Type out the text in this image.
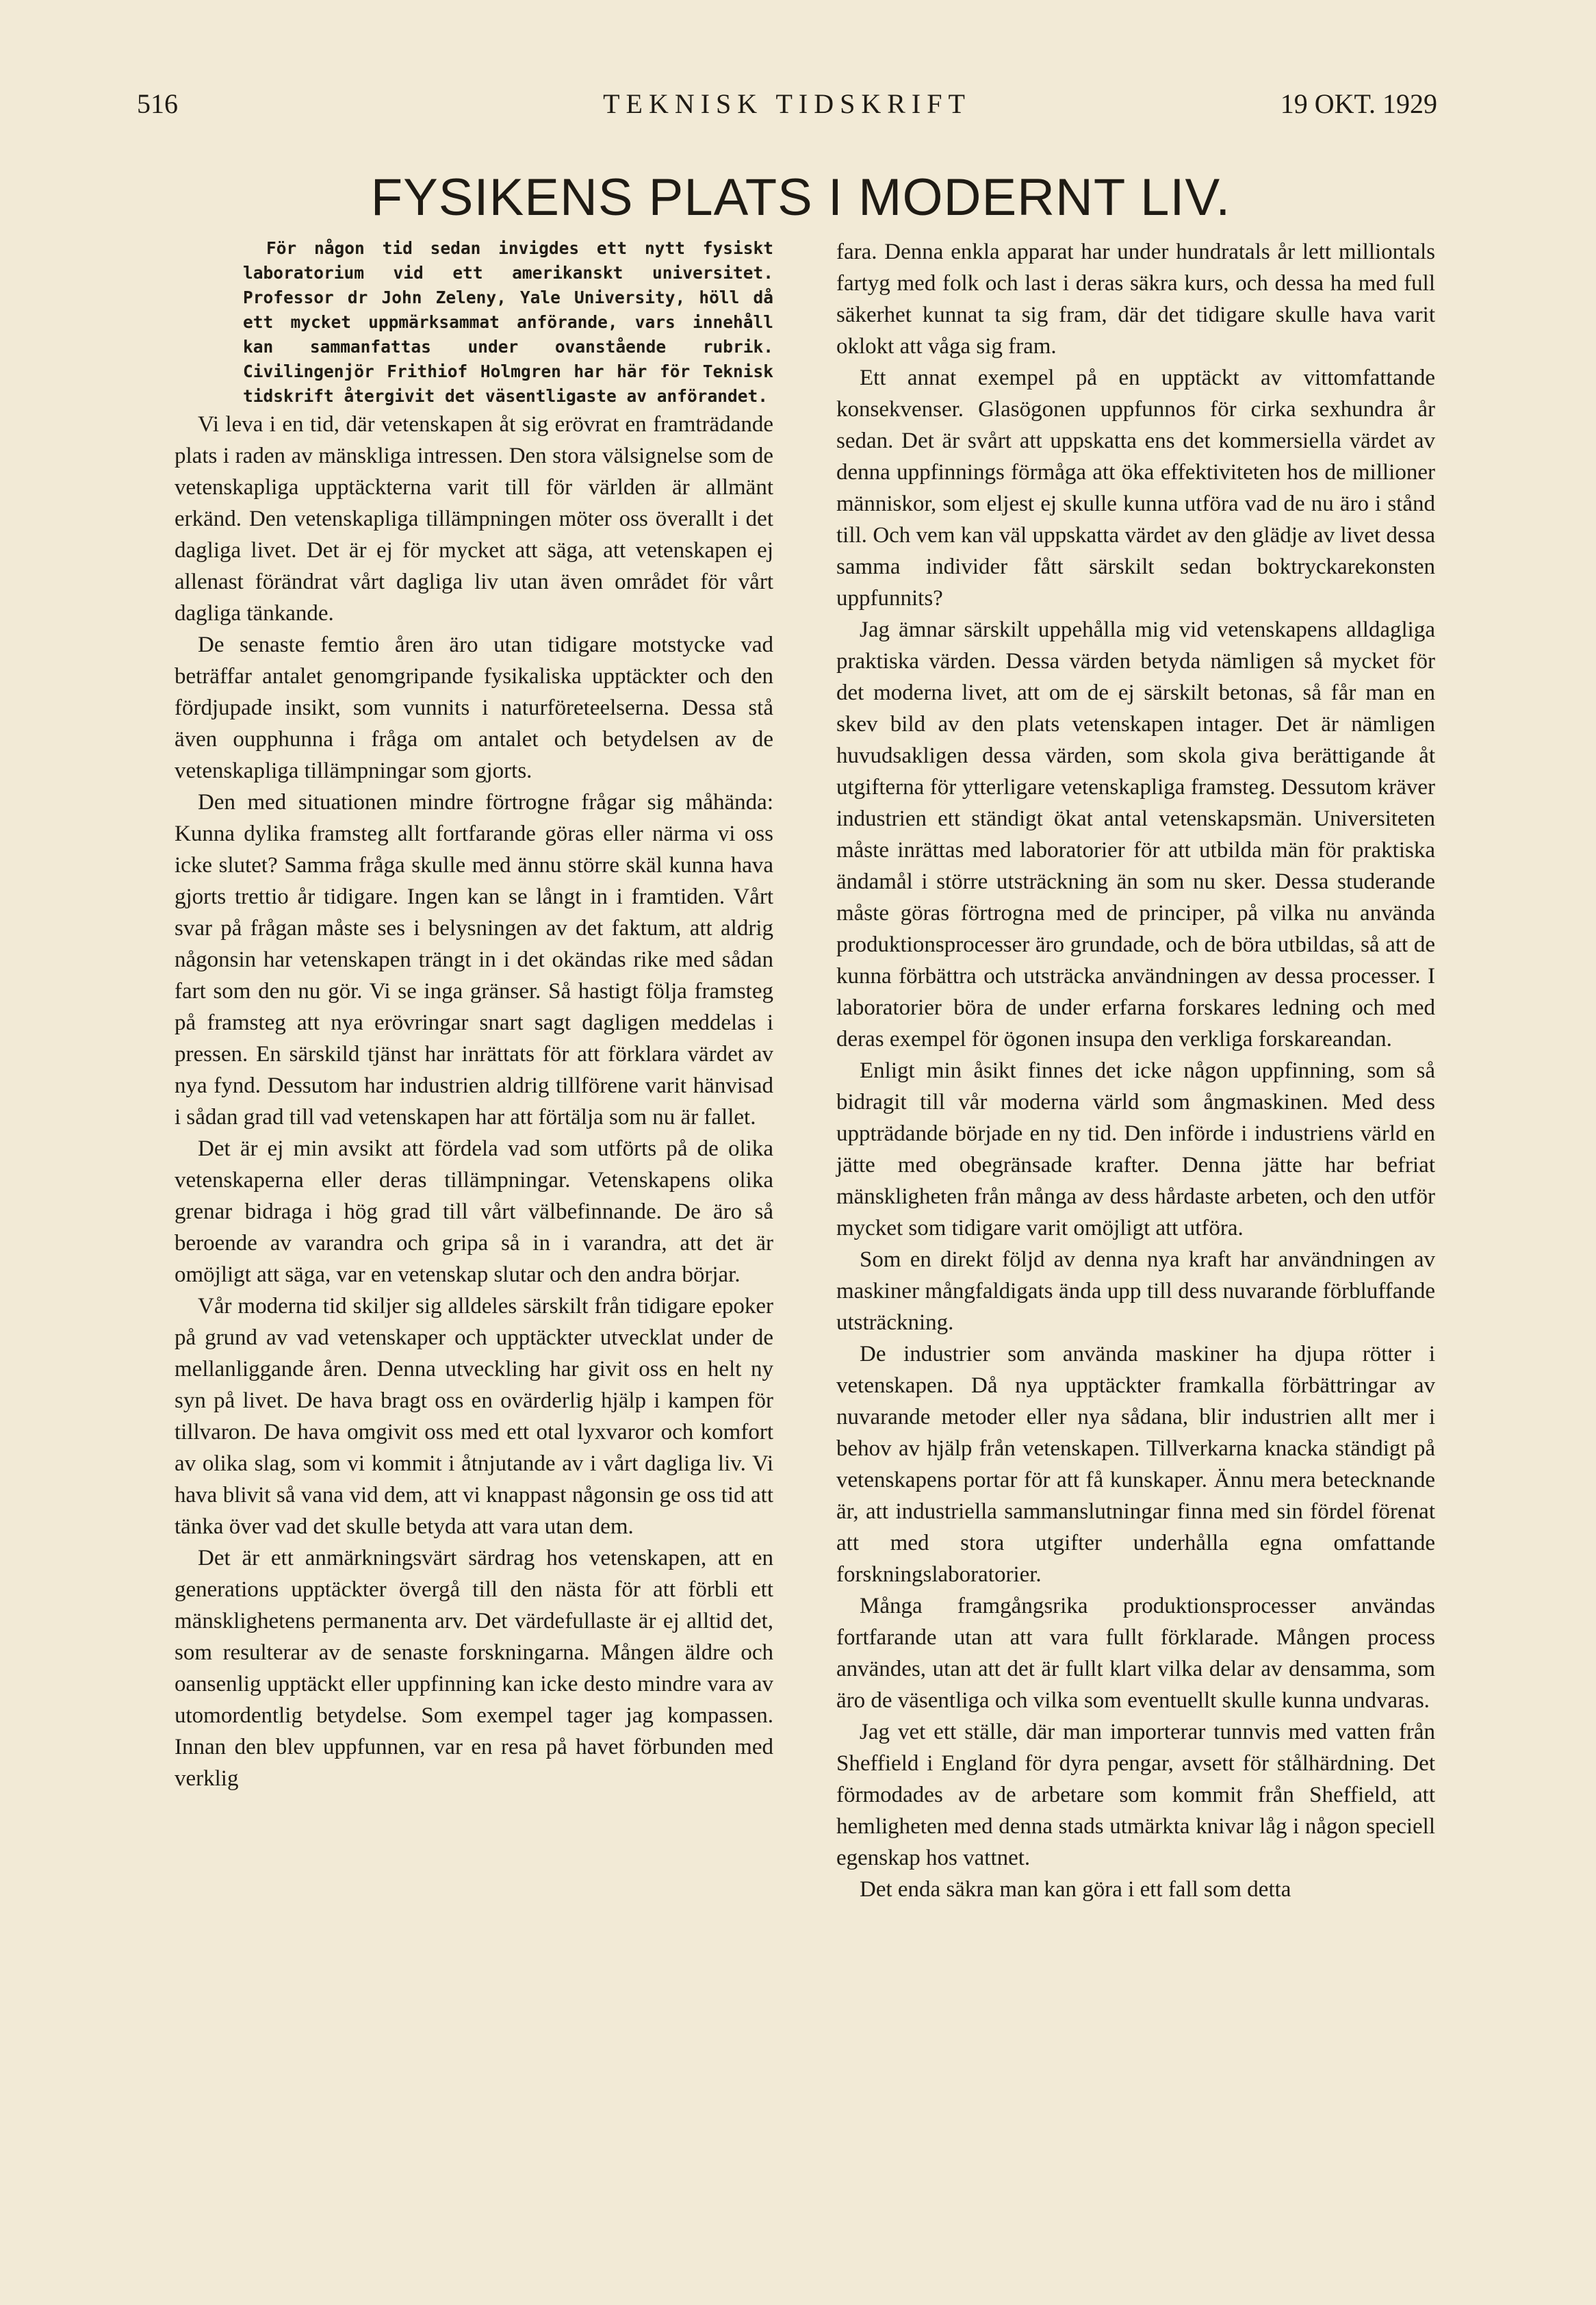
516	TEKNISK TIDSKRIFT	19 OKT. 1929
FYSIKENS PLATS I MODERNT LIV.

För någon tid sedan invigdes ett nytt fysiskt laboratorium vid ett amerikanskt universitet. Professor dr John Zeleny, Yale University, höll då ett mycket uppmärksammat anförande, vars innehåll kan sammanfattas under ovanstående rubrik. Civilingenjör Frithiof Holmgren har här för Teknisk tidskrift återgivit det väsentligaste av anförandet.

Vi leva i en tid, där vetenskapen åt sig erövrat en framträdande plats i raden av mänskliga intressen. Den stora välsignelse som de vetenskapliga upptäckterna varit till för världen är allmänt erkänd. Den vetenskapliga tillämpningen möter oss överallt i det dagliga livet. Det är ej för mycket att säga, att vetenskapen ej allenast förändrat vårt dagliga liv utan även området för vårt dagliga tänkande.

De senaste femtio åren äro utan tidigare motstycke vad beträffar antalet genomgripande fysikaliska upptäckter och den fördjupade insikt, som vunnits i naturföreteelserna. Dessa stå även oupphunna i fråga om antalet och betydelsen av de vetenskapliga tillämpningar som gjorts.

Den med situationen mindre förtrogne frågar sig måhända: Kunna dylika framsteg allt fortfarande göras eller närma vi oss icke slutet? Samma fråga skulle med ännu större skäl kunna hava gjorts trettio år tidigare. Ingen kan se långt in i framtiden. Vårt svar på frågan måste ses i belysningen av det faktum, att aldrig någonsin har vetenskapen trängt in i det okändas rike med sådan fart som den nu gör. Vi se inga gränser. Så hastigt följa framsteg på framsteg att nya erövringar snart sagt dagligen meddelas i pressen. En särskild tjänst har inrättats för att förklara värdet av nya fynd. Dessutom har industrien aldrig tillförene varit hänvisad i sådan grad till vad vetenskapen har att förtälja som nu är fallet.

Det är ej min avsikt att fördela vad som utförts på de olika vetenskaperna eller deras tillämpningar. Vetenskapens olika grenar bidraga i hög grad till vårt välbefinnande. De äro så beroende av varandra och gripa så in i varandra, att det är omöjligt att säga, var en vetenskap slutar och den andra börjar.

Vår moderna tid skiljer sig alldeles särskilt från tidigare epoker på grund av vad vetenskaper och upptäckter utvecklat under de mellanliggande åren. Denna utveckling har givit oss en helt ny syn på livet. De hava bragt oss en ovärderlig hjälp i kampen för tillvaron. De hava omgivit oss med ett otal lyxvaror och komfort av olika slag, som vi kommit i åtnjutande av i vårt dagliga liv. Vi hava blivit så vana vid dem, att vi knappast någonsin ge oss tid att tänka över vad det skulle betyda att vara utan dem.

Det är ett anmärkningsvärt särdrag hos vetenskapen, att en generations upptäckter övergå till den nästa för att förbli ett mänsklighetens permanenta arv. Det värdefullaste är ej alltid det, som resulterar av de senaste forskningarna. Mången äldre och oansenlig upptäckt eller uppfinning kan icke desto mindre vara av utomordentlig betydelse. Som exempel tager jag kompassen. Innan den blev uppfunnen, var en resa på havet förbunden med verklig

fara. Denna enkla apparat har under hundratals år lett milliontals fartyg med folk och last i deras säkra kurs, och dessa ha med full säkerhet kunnat ta sig fram, där det tidigare skulle hava varit oklokt att våga sig fram.

Ett annat exempel på en upptäckt av vittomfattande konsekvenser. Glasögonen uppfunnos för cirka sexhundra år sedan. Det är svårt att uppskatta ens det kommersiella värdet av denna uppfinnings förmåga att öka effektiviteten hos de millioner människor, som eljest ej skulle kunna utföra vad de nu äro i stånd till. Och vem kan väl uppskatta värdet av den glädje av livet dessa samma individer fått särskilt sedan boktryckarekonsten uppfunnits?

Jag ämnar särskilt uppehålla mig vid vetenskapens alldagliga praktiska värden. Dessa värden betyda nämligen så mycket för det moderna livet, att om de ej särskilt betonas, så får man en skev bild av den plats vetenskapen intager. Det är nämligen huvudsakligen dessa värden, som skola giva berättigande åt utgifterna för ytterligare vetenskapliga framsteg. Dessutom kräver industrien ett ständigt ökat antal vetenskapsmän. Universiteten måste inrättas med laboratorier för att utbilda män för praktiska ändamål i större utsträckning än som nu sker. Dessa studerande måste göras förtrogna med de principer, på vilka nu använda produktionsprocesser äro grundade, och de böra utbildas, så att de kunna förbättra och utsträcka användningen av dessa processer. I laboratorier böra de under erfarna forskares ledning och med deras exempel för ögonen insupa den verkliga forskareandan.

Enligt min åsikt finnes det icke någon uppfinning, som så bidragit till vår moderna värld som ångmaskinen. Med dess uppträdande började en ny tid. Den införde i industriens värld en jätte med obegränsade krafter. Denna jätte har befriat mänskligheten från många av dess hårdaste arbeten, och den utför mycket som tidigare varit omöjligt att utföra.

Som en direkt följd av denna nya kraft har användningen av maskiner mångfaldigats ända upp till dess nuvarande förbluffande utsträckning.

De industrier som använda maskiner ha djupa rötter i vetenskapen. Då nya upptäckter framkalla förbättringar av nuvarande metoder eller nya sådana, blir industrien allt mer i behov av hjälp från vetenskapen. Tillverkarna knacka ständigt på vetenskapens portar för att få kunskaper. Ännu mera betecknande är, att industriella sammanslutningar finna med sin fördel förenat att med stora utgifter underhålla egna omfattande forskningslaboratorier.

Många framgångsrika produktionsprocesser användas fortfarande utan att vara fullt förklarade. Mången process användes, utan att det är fullt klart vilka delar av densamma, som äro de väsentliga och vilka som eventuellt skulle kunna undvaras.

Jag vet ett ställe, där man importerar tunnvis med vatten från Sheffield i England för dyra pengar, avsett för stålhärdning. Det förmodades av de arbetare som kommit från Sheffield, att hemligheten med denna stads utmärkta knivar låg i någon speciell egenskap hos vattnet.

Det enda säkra man kan göra i ett fall som detta
